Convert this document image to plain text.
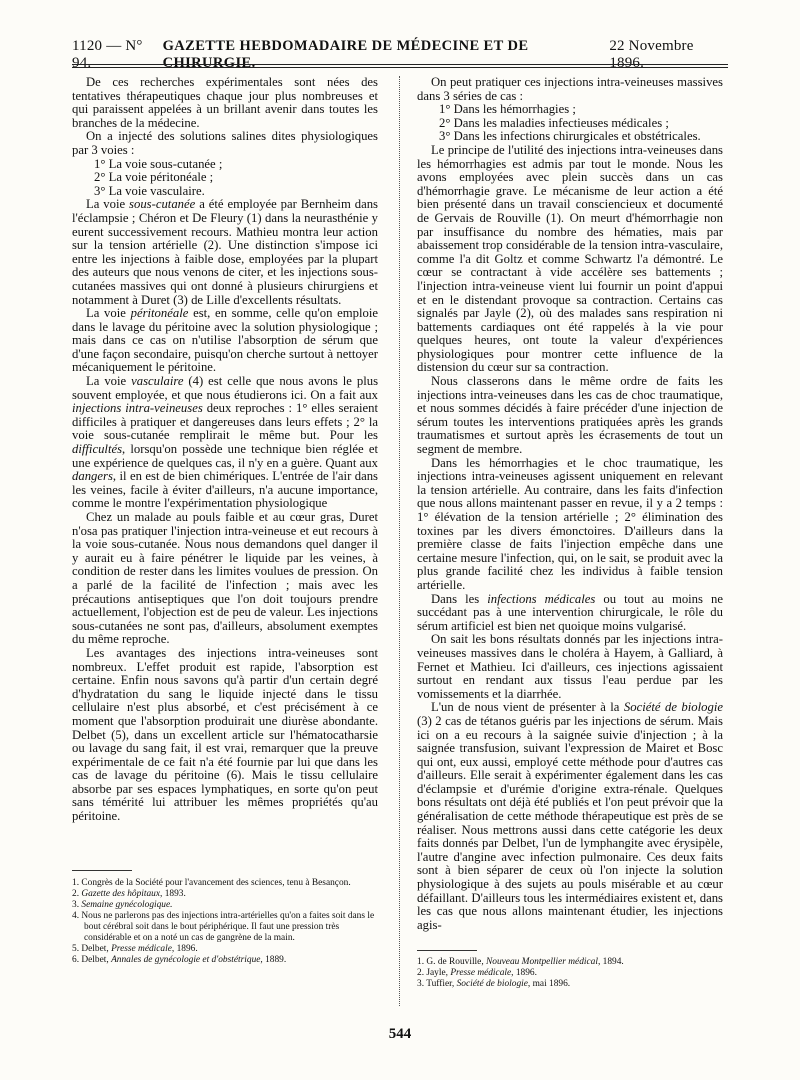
1120 — N° 94.
GAZETTE HEBDOMADAIRE DE MÉDECINE ET DE CHIRURGIE.
22 Novembre 1896.

De ces recherches expérimentales sont nées des tentatives thérapeutiques chaque jour plus nombreuses et qui paraissent appelées à un brillant avenir dans toutes les branches de la médecine.

On a injecté des solutions salines dites physiologiques par 3 voies :

1° La voie sous-cutanée ;

2° La voie péritonéale ;

3° La voie vasculaire.

La voie sous-cutanée a été employée par Bernheim dans l'éclampsie ; Chéron et De Fleury (1) dans la neurasthénie y eurent successivement recours. Mathieu montra leur action sur la tension artérielle (2). Une distinction s'impose ici entre les injections à faible dose, employées par la plupart des auteurs que nous venons de citer, et les injections sous-cutanées massives qui ont donné à plusieurs chirurgiens et notamment à Duret (3) de Lille d'excellents résultats.

La voie péritonéale est, en somme, celle qu'on emploie dans le lavage du péritoine avec la solution physiologique ; mais dans ce cas on n'utilise l'absorption de sérum que d'une façon secondaire, puisqu'on cherche surtout à nettoyer mécaniquement le péritoine.

La voie vasculaire (4) est celle que nous avons le plus souvent employée, et que nous étudierons ici. On a fait aux injections intra-veineuses deux reproches : 1° elles seraient difficiles à pratiquer et dangereuses dans leurs effets ; 2° la voie sous-cutanée remplirait le même but. Pour les difficultés, lorsqu'on possède une technique bien réglée et une expérience de quelques cas, il n'y en a guère. Quant aux dangers, il en est de bien chimériques. L'entrée de l'air dans les veines, facile à éviter d'ailleurs, n'a aucune importance, comme le montre l'expérimentation physiologique

Chez un malade au pouls faible et au cœur gras, Duret n'osa pas pratiquer l'injection intra-veineuse et eut recours à la voie sous-cutanée. Nous nous demandons quel danger il y aurait eu à faire pénétrer le liquide par les veines, à condition de rester dans les limites voulues de pression. On a parlé de la facilité de l'infection ; mais avec les précautions antiseptiques que l'on doit toujours prendre actuellement, l'objection est de peu de valeur. Les injections sous-cutanées ne sont pas, d'ailleurs, absolument exemptes du même reproche.

Les avantages des injections intra-veineuses sont nombreux. L'effet produit est rapide, l'absorption est certaine. Enfin nous savons qu'à partir d'un certain degré d'hydratation du sang le liquide injecté dans le tissu cellulaire n'est plus absorbé, et c'est précisément à ce moment que l'absorption produirait une diurèse abondante. Delbet (5), dans un excellent article sur l'hématocatharsie ou lavage du sang fait, il est vrai, remarquer que la preuve expérimentale de ce fait n'a été fournie par lui que dans les cas de lavage du péritoine (6). Mais le tissu cellulaire absorbe par ses espaces lymphatiques, en sorte qu'on peut sans témérité lui attribuer les mêmes propriétés qu'au péritoine.

On peut pratiquer ces injections intra-veineuses massives dans 3 séries de cas :

1° Dans les hémorrhagies ;

2° Dans les maladies infectieuses médicales ;

3° Dans les infections chirurgicales et obstétricales.

Le principe de l'utilité des injections intra-veineuses dans les hémorrhagies est admis par tout le monde. Nous les avons employées avec plein succès dans un cas d'hémorrhagie grave. Le mécanisme de leur action a été bien présenté dans un travail consciencieux et documenté de Gervais de Rouville (1). On meurt d'hémorrhagie non par insuffisance du nombre des hématies, mais par abaissement trop considérable de la tension intra-vasculaire, comme l'a dit Goltz et comme Schwartz l'a démontré. Le cœur se contractant à vide accélère ses battements ; l'injection intra-veineuse vient lui fournir un point d'appui et en le distendant provoque sa contraction. Certains cas signalés par Jayle (2), où des malades sans respiration ni battements cardiaques ont été rappelés à la vie pour quelques heures, ont toute la valeur d'expériences physiologiques pour montrer cette influence de la distension du cœur sur sa contraction.

Nous classerons dans le même ordre de faits les injections intra-veineuses dans les cas de choc traumatique, et nous sommes décidés à faire précéder d'une injection de sérum toutes les interventions pratiquées après les grands traumatismes et surtout après les écrasements de tout un segment de membre.

Dans les hémorrhagies et le choc traumatique, les injections intra-veineuses agissent uniquement en relevant la tension artérielle. Au contraire, dans les faits d'infection que nous allons maintenant passer en revue, il y a 2 temps : 1° élévation de la tension artérielle ; 2° élimination des toxines par les divers émonctoires. D'ailleurs dans la première classe de faits l'injection empêche dans une certaine mesure l'infection, qui, on le sait, se produit avec la plus grande facilité chez les individus à faible tension artérielle.

Dans les infections médicales ou tout au moins ne succédant pas à une intervention chirurgicale, le rôle du sérum artificiel est bien net quoique moins vulgarisé.

On sait les bons résultats donnés par les injections intra-veineuses massives dans le choléra à Hayem, à Galliard, à Fernet et Mathieu. Ici d'ailleurs, ces injections agissaient surtout en rendant aux tissus l'eau perdue par les vomissements et la diarrhée.

L'un de nous vient de présenter à la Société de biologie (3) 2 cas de tétanos guéris par les injections de sérum. Mais ici on a eu recours à la saignée suivie d'injection ; à la saignée transfusion, suivant l'expression de Mairet et Bosc qui ont, eux aussi, employé cette méthode pour d'autres cas d'ailleurs. Elle serait à expérimenter également dans les cas d'éclampsie et d'urémie d'origine extra-rénale. Quelques bons résultats ont déjà été publiés et l'on peut prévoir que la généralisation de cette méthode thérapeutique est près de se réaliser. Nous mettrons aussi dans cette catégorie les deux faits donnés par Delbet, l'un de lymphangite avec érysipèle, l'autre d'angine avec infection pulmonaire. Ces deux faits sont à bien séparer de ceux où l'on injecte la solution physiologique à des sujets au pouls misérable et au cœur défaillant. D'ailleurs tous les intermédiaires existent et, dans les cas que nous allons maintenant étudier, les injections agis-

1. Congrès de la Société pour l'avancement des sciences, tenu à Besançon.

2. Gazette des hôpitaux, 1893.

3. Semaine gynécologique.

4. Nous ne parlerons pas des injections intra-artérielles qu'on a faites soit dans le bout cérébral soit dans le bout périphérique. Il faut une pression très considérable et on a noté un cas de gangrène de la main.

5. Delbet, Presse médicale, 1896.

6. Delbet, Annales de gynécologie et d'obstétrique, 1889.	1. G. de Rouville, Nouveau Montpellier médical, 1894.

2. Jayle, Presse médicale, 1896.

3. Tuffier, Société de biologie, mai 1896.

544
